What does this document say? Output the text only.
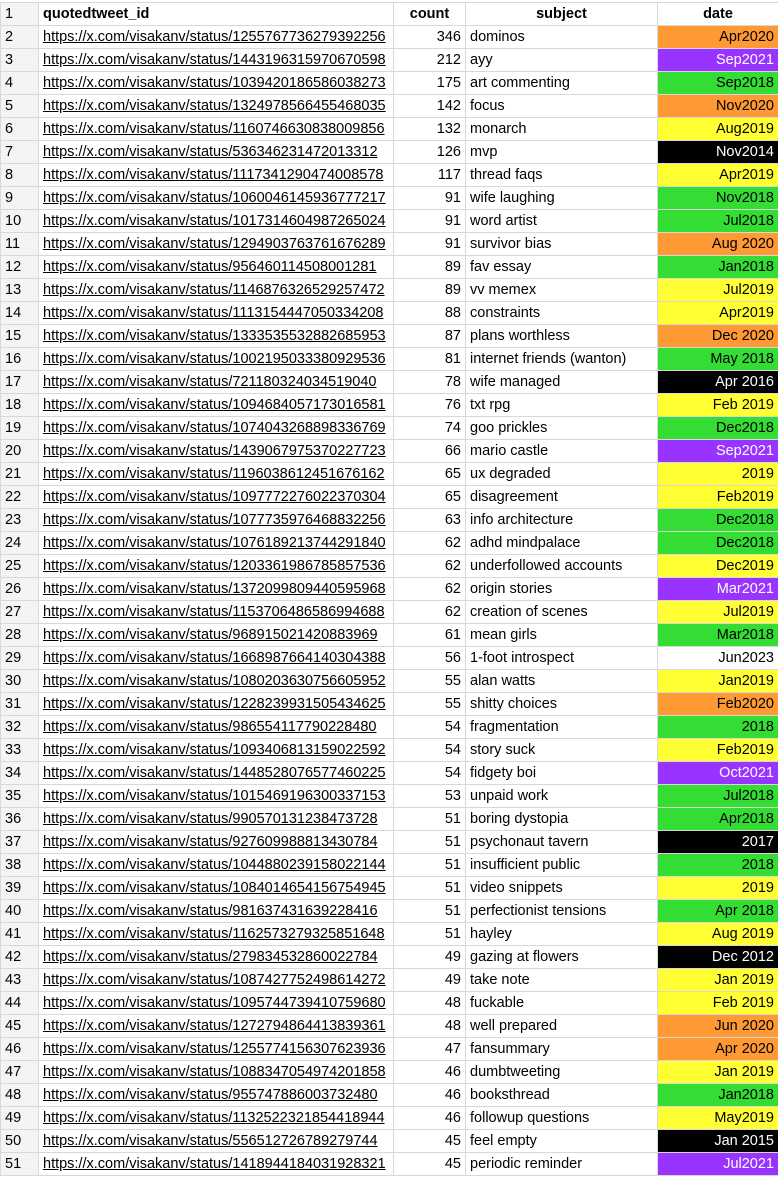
1	quotedtweet_id	count	subject	date
2	https://x.com/visakanv/status/1255767736279392256	346	dominos	Apr2020
3	https://x.com/visakanv/status/1443196315970670598	212	ayy	Sep2021
4	https://x.com/visakanv/status/1039420186586038273	175	art commenting	Sep2018
5	https://x.com/visakanv/status/1324978566455468035	142	focus	Nov2020
6	https://x.com/visakanv/status/1160746630838009856	132	monarch	Aug2019
7	https://x.com/visakanv/status/536346231472013312	126	mvp	Nov2014
8	https://x.com/visakanv/status/1117341290474008578	117	thread faqs	Apr2019
9	https://x.com/visakanv/status/1060046145936777217	91	wife laughing	Nov2018
10	https://x.com/visakanv/status/1017314604987265024	91	word artist	Jul2018
11	https://x.com/visakanv/status/1294903763761676289	91	survivor bias	Aug 2020
12	https://x.com/visakanv/status/956460114508001281	89	fav essay	Jan2018
13	https://x.com/visakanv/status/1146876326529257472	89	vv memex	Jul2019
14	https://x.com/visakanv/status/1113154447050334208	88	constraints	Apr2019
15	https://x.com/visakanv/status/1333535532882685953	87	plans worthless	Dec 2020
16	https://x.com/visakanv/status/1002195033380929536	81	internet friends (wanton)	May 2018
17	https://x.com/visakanv/status/721180324034519040	78	wife managed	Apr 2016
18	https://x.com/visakanv/status/1094684057173016581	76	txt rpg	Feb 2019
19	https://x.com/visakanv/status/1074043268898336769	74	goo prickles	Dec2018
20	https://x.com/visakanv/status/1439067975370227723	66	mario castle	Sep2021
21	https://x.com/visakanv/status/1196038612451676162	65	ux degraded	2019
22	https://x.com/visakanv/status/1097772276022370304	65	disagreement	Feb2019
23	https://x.com/visakanv/status/1077735976468832256	63	info architecture	Dec2018
24	https://x.com/visakanv/status/1076189213744291840	62	adhd mindpalace	Dec2018
25	https://x.com/visakanv/status/1203361986785857536	62	underfollowed accounts	Dec2019
26	https://x.com/visakanv/status/1372099809440595968	62	origin stories	Mar2021
27	https://x.com/visakanv/status/1153706486586994688	62	creation of scenes	Jul2019
28	https://x.com/visakanv/status/968915021420883969	61	mean girls	Mar2018
29	https://x.com/visakanv/status/1668987664140304388	56	1-foot introspect	Jun2023
30	https://x.com/visakanv/status/1080203630756605952	55	alan watts	Jan2019
31	https://x.com/visakanv/status/1228239931505434625	55	shitty choices	Feb2020
32	https://x.com/visakanv/status/986554117790228480	54	fragmentation	2018
33	https://x.com/visakanv/status/1093406813159022592	54	story suck	Feb2019
34	https://x.com/visakanv/status/1448528076577460225	54	fidgety boi	Oct2021
35	https://x.com/visakanv/status/1015469196300337153	53	unpaid work	Jul2018
36	https://x.com/visakanv/status/990570131238473728	51	boring dystopia	Apr2018
37	https://x.com/visakanv/status/927609988813430784	51	psychonaut tavern	2017
38	https://x.com/visakanv/status/1044880239158022144	51	insufficient public	2018
39	https://x.com/visakanv/status/1084014654156754945	51	video snippets	2019
40	https://x.com/visakanv/status/981637431639228416	51	perfectionist tensions	Apr 2018
41	https://x.com/visakanv/status/1162573279325851648	51	hayley	Aug 2019
42	https://x.com/visakanv/status/279834532860022784	49	gazing at flowers	Dec 2012
43	https://x.com/visakanv/status/1087427752498614272	49	take note	Jan 2019
44	https://x.com/visakanv/status/1095744739410759680	48	fuckable	Feb 2019
45	https://x.com/visakanv/status/1272794864413839361	48	well prepared	Jun 2020
46	https://x.com/visakanv/status/1255774156307623936	47	fansummary	Apr 2020
47	https://x.com/visakanv/status/1088347054974201858	46	dumbtweeting	Jan 2019
48	https://x.com/visakanv/status/955747886003732480	46	booksthread	Jan2018
49	https://x.com/visakanv/status/1132522321854418944	46	followup questions	May2019
50	https://x.com/visakanv/status/556512726789279744	45	feel empty	Jan 2015
51	https://x.com/visakanv/status/1418944184031928321	45	periodic reminder	Jul2021
